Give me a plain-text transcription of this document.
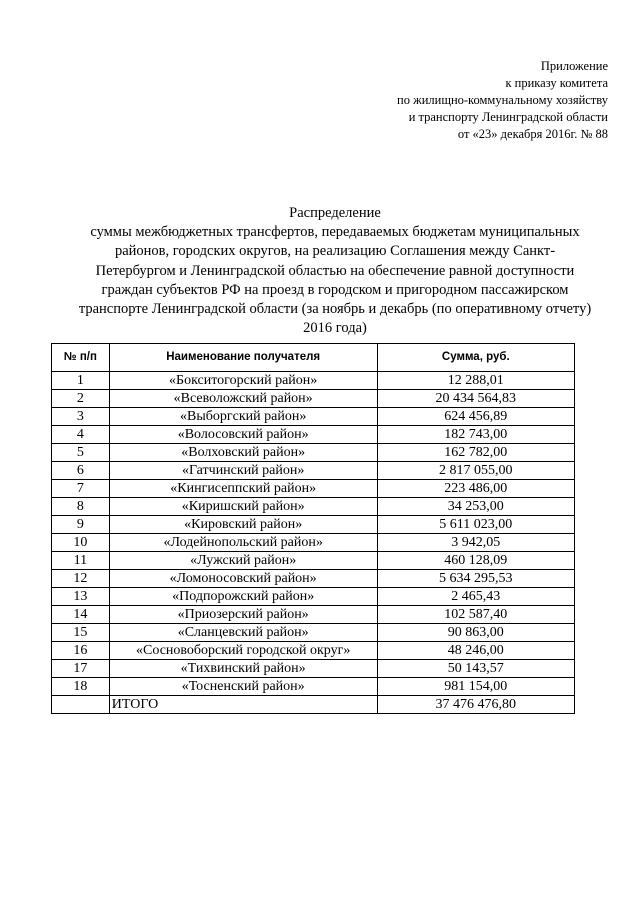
Приложение
к приказу комитета
по жилищно-коммунальному хозяйству
и транспорту Ленинградской области
от «23» декабря 2016г. № 88
Распределение
суммы межбюджетных трансфертов, передаваемых бюджетам муниципальных
районов, городских округов, на реализацию Соглашения между Санкт-
Петербургом и Ленинградской областью на обеспечение равной доступности
граждан субъектов РФ на проезд в городском и пригородном пассажирском
транспорте Ленинградской области (за ноябрь и декабрь (по оперативному отчету)
2016 года)
№ п/п	Наименование получателя	Сумма, руб.
1	«Бокситогорский район»	12 288,01
2	«Всеволожский район»	20 434 564,83
3	«Выборгский район»	624 456,89
4	«Волосовский район»	182 743,00
5	«Волховский район»	162 782,00
6	«Гатчинский район»	2 817 055,00
7	«Кингисеппский район»	223 486,00
8	«Киришский район»	34 253,00
9	«Кировский район»	5 611 023,00
10	«Лодейнопольский район»	3 942,05
11	«Лужский район»	460 128,09
12	«Ломоносовский район»	5 634 295,53
13	«Подпорожский район»	2 465,43
14	«Приозерский район»	102 587,40
15	«Сланцевский район»	90 863,00
16	«Сосновоборский городской округ»	48 246,00
17	«Тихвинский район»	50 143,57
18	«Тосненский район»	981 154,00
	ИТОГО	37 476 476,80
